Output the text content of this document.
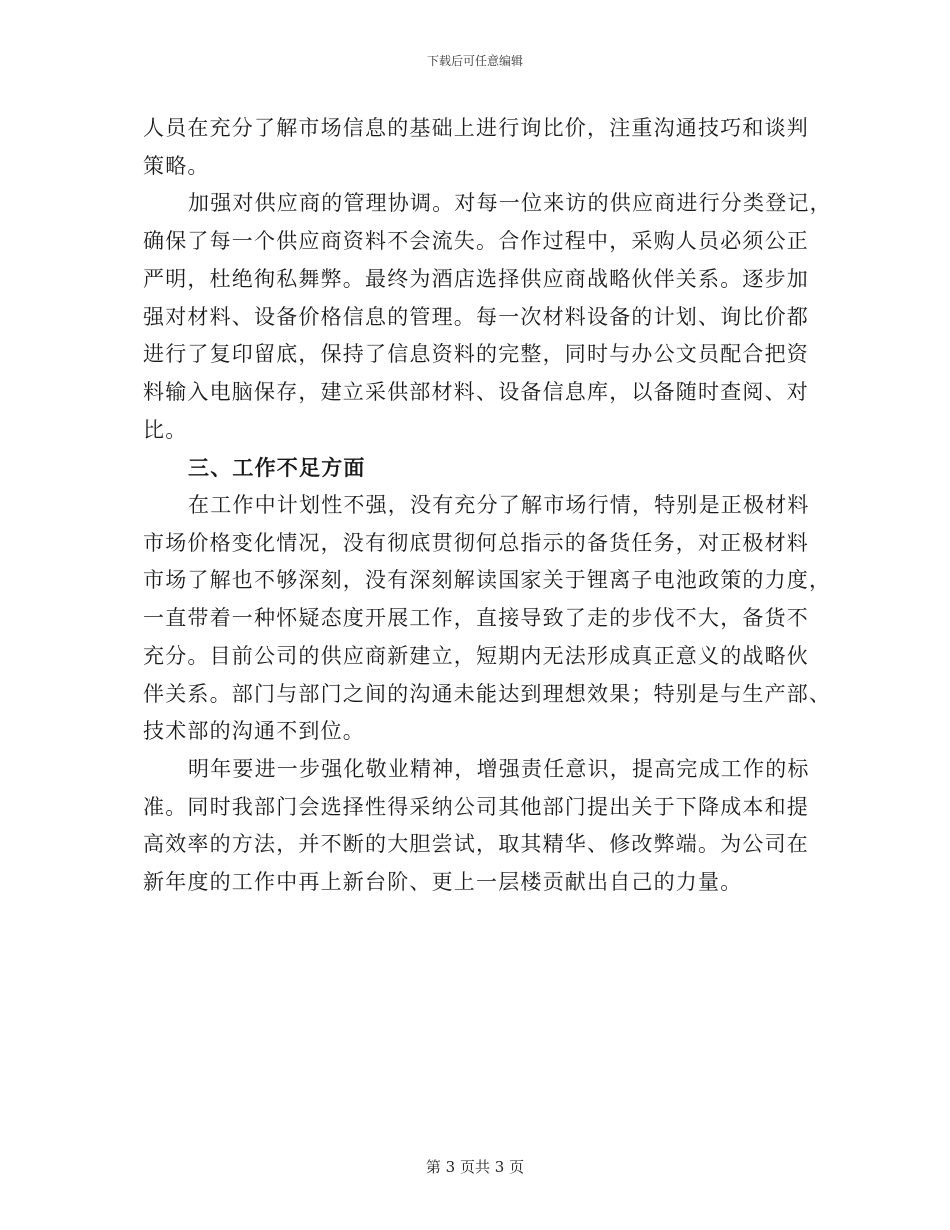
下载后可任意编辑

人员在充分了解市场信息的基础上进行询比价，注重沟通技巧和谈判
策略。

加强对供应商的管理协调。对每一位来访的供应商进行分类登记，
确保了每一个供应商资料不会流失。合作过程中，采购人员必须公正
严明，杜绝徇私舞弊。最终为酒店选择供应商战略伙伴关系。逐步加
强对材料、设备价格信息的管理。每一次材料设备的计划、询比价都
进行了复印留底，保持了信息资料的完整，同时与办公文员配合把资
料输入电脑保存，建立采供部材料、设备信息库，以备随时查阅、对
比。

三、工作不足方面

在工作中计划性不强，没有充分了解市场行情，特别是正极材料
市场价格变化情况，没有彻底贯彻何总指示的备货任务，对正极材料
市场了解也不够深刻，没有深刻解读国家关于锂离子电池政策的力度，
一直带着一种怀疑态度开展工作，直接导致了走的步伐不大，备货不
充分。目前公司的供应商新建立，短期内无法形成真正意义的战略伙
伴关系。部门与部门之间的沟通未能达到理想效果；特别是与生产部、
技术部的沟通不到位。

明年要进一步强化敬业精神，增强责任意识，提高完成工作的标
准。同时我部门会选择性得采纳公司其他部门提出关于下降成本和提
高效率的方法，并不断的大胆尝试，取其精华、修改弊端。为公司在
新年度的工作中再上新台阶、更上一层楼贡献出自己的力量。

第 3 页共 3 页
